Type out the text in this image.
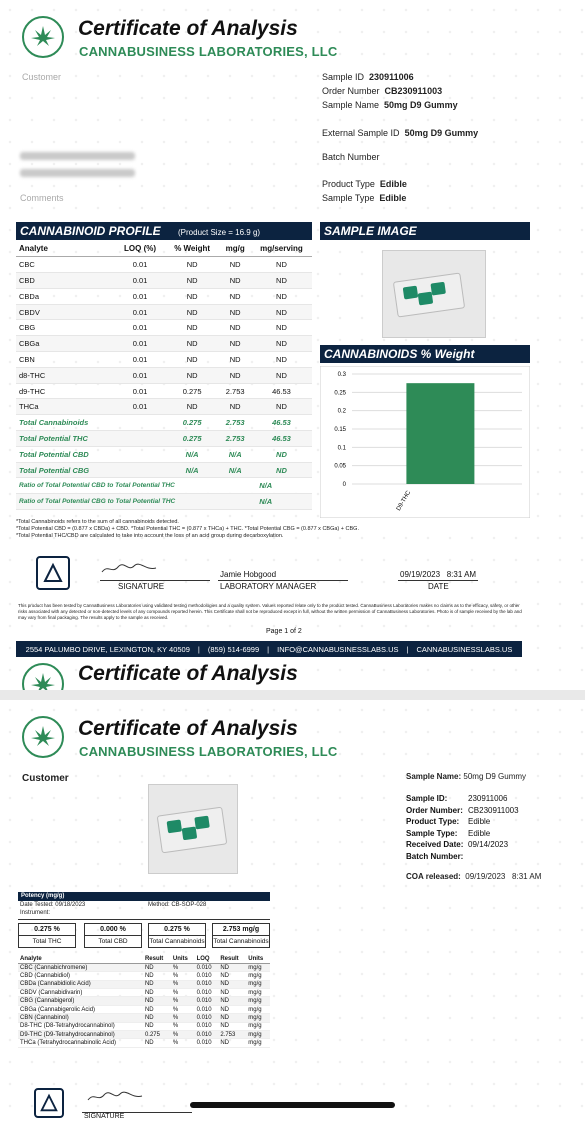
Certificate of Analysis
CANNABUSINESS LABORATORIES, LLC
Customer
Comments
Sample ID 230911006
Order Number CB230911003
Sample Name 50mg D9 Gummy
External Sample ID 50mg D9 Gummy
Batch Number
Product Type Edible
Sample Type Edible
CANNABINOID PROFILE (Product Size = 16.9 g)
Analyte	LOQ (%)	% Weight	mg/g	mg/serving
CBC	0.01	ND	ND	ND
CBD	0.01	ND	ND	ND
CBDa	0.01	ND	ND	ND
CBDV	0.01	ND	ND	ND
CBG	0.01	ND	ND	ND
CBGa	0.01	ND	ND	ND
CBN	0.01	ND	ND	ND
d8-THC	0.01	ND	ND	ND
d9-THC	0.01	0.275	2.753	46.53
THCa	0.01	ND	ND	ND
Total Cannabinoids		0.275	2.753	46.53
Total Potential THC		0.275	2.753	46.53
Total Potential CBD		N/A	N/A	ND
Total Potential CBG		N/A	N/A	ND
Ratio of Total Potential CBD to Total Potential THC			N/A	
Ratio of Total Potential CBG to Total Potential THC			N/A	
SAMPLE IMAGE
CANNABINOIDS % Weight
0
0.05
0.1
0.15
0.2
0.25
0.3
D9-THC
*Total Cannabinoids refers to the sum of all cannabinoids detected.
*Total Potential CBD = (0.877 x CBDa) + CBD. *Total Potential THC = (0.877 x THCa) + THC. *Total Potential CBG = (0.877 x CBGa) + CBG.
*Total Potential THC/CBD are calculated to take into account the loss of an acid group during decarboxylation.
SIGNATURE
Jamie Hobgood
LABORATORY MANAGER
09/19/2023 8:31 AM
DATE
This product has been tested by CannaBusiness Laboratories using validated testing methodologies and a quality system. Values reported relate only to the product tested. CannaBusiness Laboratories makes no claims as to the efficacy, safety, or other risks associated with any detected or non-detected levels of any compounds reported herein. This Certificate shall not be reproduced except in full, without the written permission of CannaBusiness Laboratories. Photo is of sample received by the lab and may vary from final packaging. The results apply to the sample as received.
Page 1 of 2
2554 PALUMBO DRIVE, LEXINGTON, KY 40509 | (859) 514-6999 | INFO@CANNABUSINESSLABS.US | CANNABUSINESSLABS.US
Certificate of Analysis
Certificate of Analysis
CANNABUSINESS LABORATORIES, LLC
Customer	Sample Name: 50mg D9 Gummy
Sample ID:	230911006
Order Number: CB230911003
Product Type: Edible
Sample Type: Edible
Received Date: 09/14/2023
Batch Number:
COA released: 09/19/2023 8:31 AM
Potency (mg/g)
Date Tested: 09/18/2023	Method: CB-SOP-028
Instrument:
0.275 %
Total THC
0.000 %
Total CBD
0.275 %
Total Cannabinoids
2.753 mg/g
Total Cannabinoids
Analyte	Result	Units	LOQ	Result	Units
CBC (Cannabichromene)	ND	%	0.010	ND	mg/g
CBD (Cannabidiol)	ND	%	0.010	ND	mg/g
CBDa (Cannabidiolic Acid)	ND	%	0.010	ND	mg/g
CBDV (Cannabidivarin)	ND	%	0.010	ND	mg/g
CBG (Cannabigerol)	ND	%	0.010	ND	mg/g
CBGa (Cannabigerolic Acid)	ND	%	0.010	ND	mg/g
CBN (Cannabinol)	ND	%	0.010	ND	mg/g
D8-THC (D8-Tetrahydrocannabinol)	ND	%	0.010	ND	mg/g
D9-THC (D9-Tetrahydrocannabinol)	0.275	%	0.010	2.753	mg/g
THCa (Tetrahydrocannabinolic Acid)	ND	%	0.010	ND	mg/g
SIGNATURE
